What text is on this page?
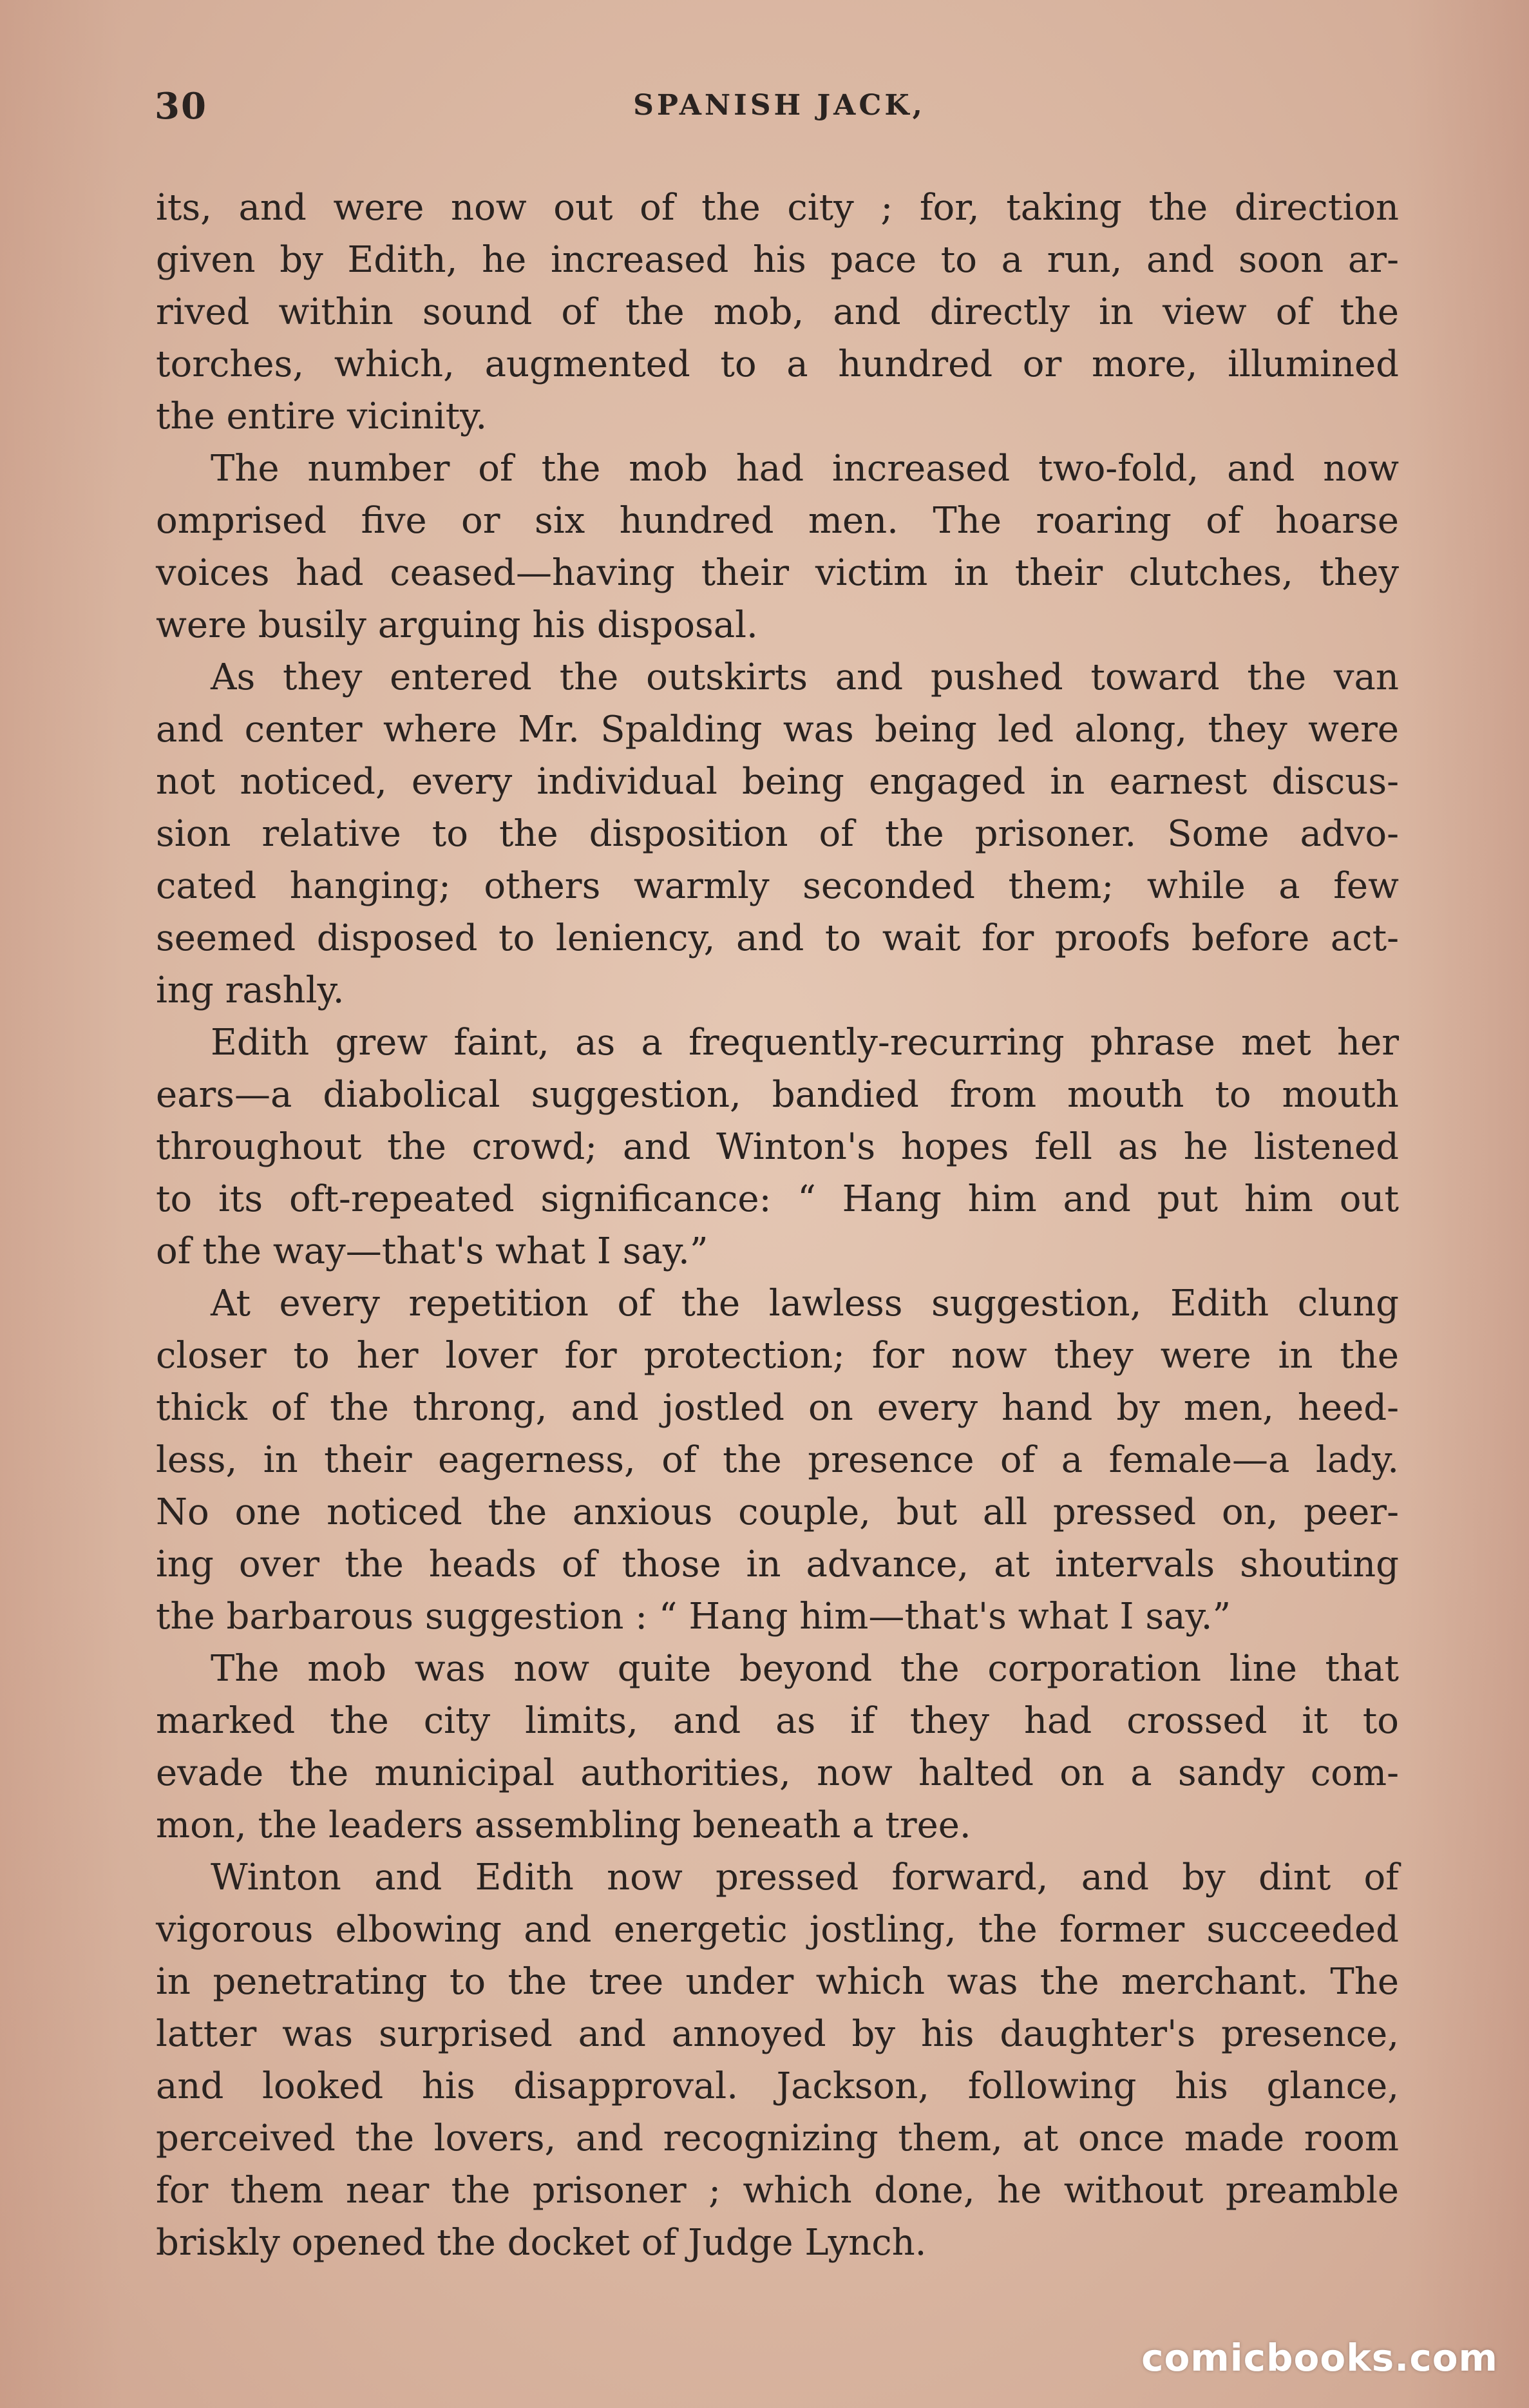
30	SPANISH JACK,
its, and were now out of the city ; for, taking the direction
given by Edith, he increased his pace to a run, and soon ar-
rived within sound of the mob, and directly in view of the
torches, which, augmented to a hundred or more, illumined
the entire vicinity.
The number of the mob had increased two-fold, and now
omprised five or six hundred men. The roaring of hoarse
voices had ceased—having their victim in their clutches, they
were busily arguing his disposal.
As they entered the outskirts and pushed toward the van
and center where Mr. Spalding was being led along, they were
not noticed, every individual being engaged in earnest discus-
sion relative to the disposition of the prisoner. Some advo-
cated hanging; others warmly seconded them; while a few
seemed disposed to leniency, and to wait for proofs before act-
ing rashly.
Edith grew faint, as a frequently-recurring phrase met her
ears—a diabolical suggestion, bandied from mouth to mouth
throughout the crowd; and Winton's hopes fell as he listened
to its oft-repeated significance: “ Hang him and put him out
of the way—that's what I say.”
At every repetition of the lawless suggestion, Edith clung
closer to her lover for protection; for now they were in the
thick of the throng, and jostled on every hand by men, heed-
less, in their eagerness, of the presence of a female—a lady.
No one noticed the anxious couple, but all pressed on, peer-
ing over the heads of those in advance, at intervals shouting
the barbarous suggestion : “ Hang him—that's what I say.”
The mob was now quite beyond the corporation line that
marked the city limits, and as if they had crossed it to
evade the municipal authorities, now halted on a sandy com-
mon, the leaders assembling beneath a tree.
Winton and Edith now pressed forward, and by dint of
vigorous elbowing and energetic jostling, the former succeeded
in penetrating to the tree under which was the merchant. The
latter was surprised and annoyed by his daughter's presence,
and looked his disapproval. Jackson, following his glance,
perceived the lovers, and recognizing them, at once made room
for them near the prisoner ; which done, he without preamble
briskly opened the docket of Judge Lynch.
comicbooks.com
